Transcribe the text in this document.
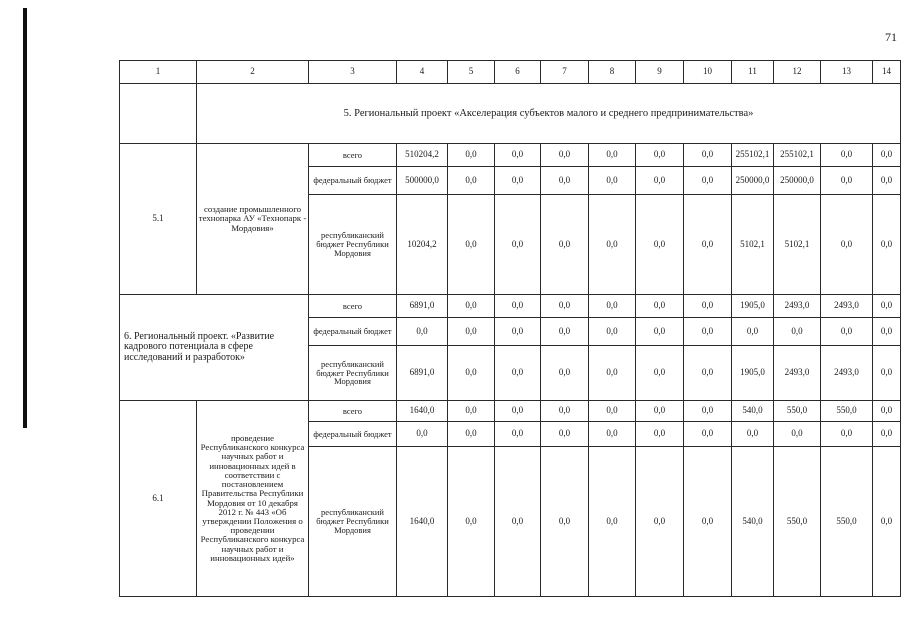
71
1	2	3	4	5	6	7	8	9	10	11	12	13	14
	5. Региональный проект «Акселерация субъектов малого и среднего предпринимательства»												
5.1	создание промышленного технопарка АУ «Технопарк - Мордовия»	всего	510204,2	0,0	0,0	0,0	0,0	0,0	0,0	255102,1	255102,1	0,0	0,0
		федеральный бюджет	500000,0	0,0	0,0	0,0	0,0	0,0	0,0	250000,0	250000,0	0,0	0,0
		республиканский бюджет Республики Мордовия	10204,2	0,0	0,0	0,0	0,0	0,0	0,0	5102,1	5102,1	0,0	0,0
6. Региональный проект. «Развитие кадрового потенциала в сфере исследований и разработок»		всего	6891,0	0,0	0,0	0,0	0,0	0,0	0,0	1905,0	2493,0	2493,0	0,0
		федеральный бюджет	0,0	0,0	0,0	0,0	0,0	0,0	0,0	0,0	0,0	0,0	0,0
		республиканский бюджет Республики Мордовия	6891,0	0,0	0,0	0,0	0,0	0,0	0,0	1905,0	2493,0	2493,0	0,0
6.1	проведение Республиканского конкурса научных работ и инновационных идей в соответствии с постановлением Правительства Республики Мордовия от 10 декабря 2012 г. № 443 «Об утверждении Положения о проведении Республиканского конкурса научных работ и инновационных идей»	всего	1640,0	0,0	0,0	0,0	0,0	0,0	0,0	540,0	550,0	550,0	0,0
		федеральный бюджет	0,0	0,0	0,0	0,0	0,0	0,0	0,0	0,0	0,0	0,0	0,0
		республиканский бюджет Республики Мордовия	1640,0	0,0	0,0	0,0	0,0	0,0	0,0	540,0	550,0	550,0	0,0
